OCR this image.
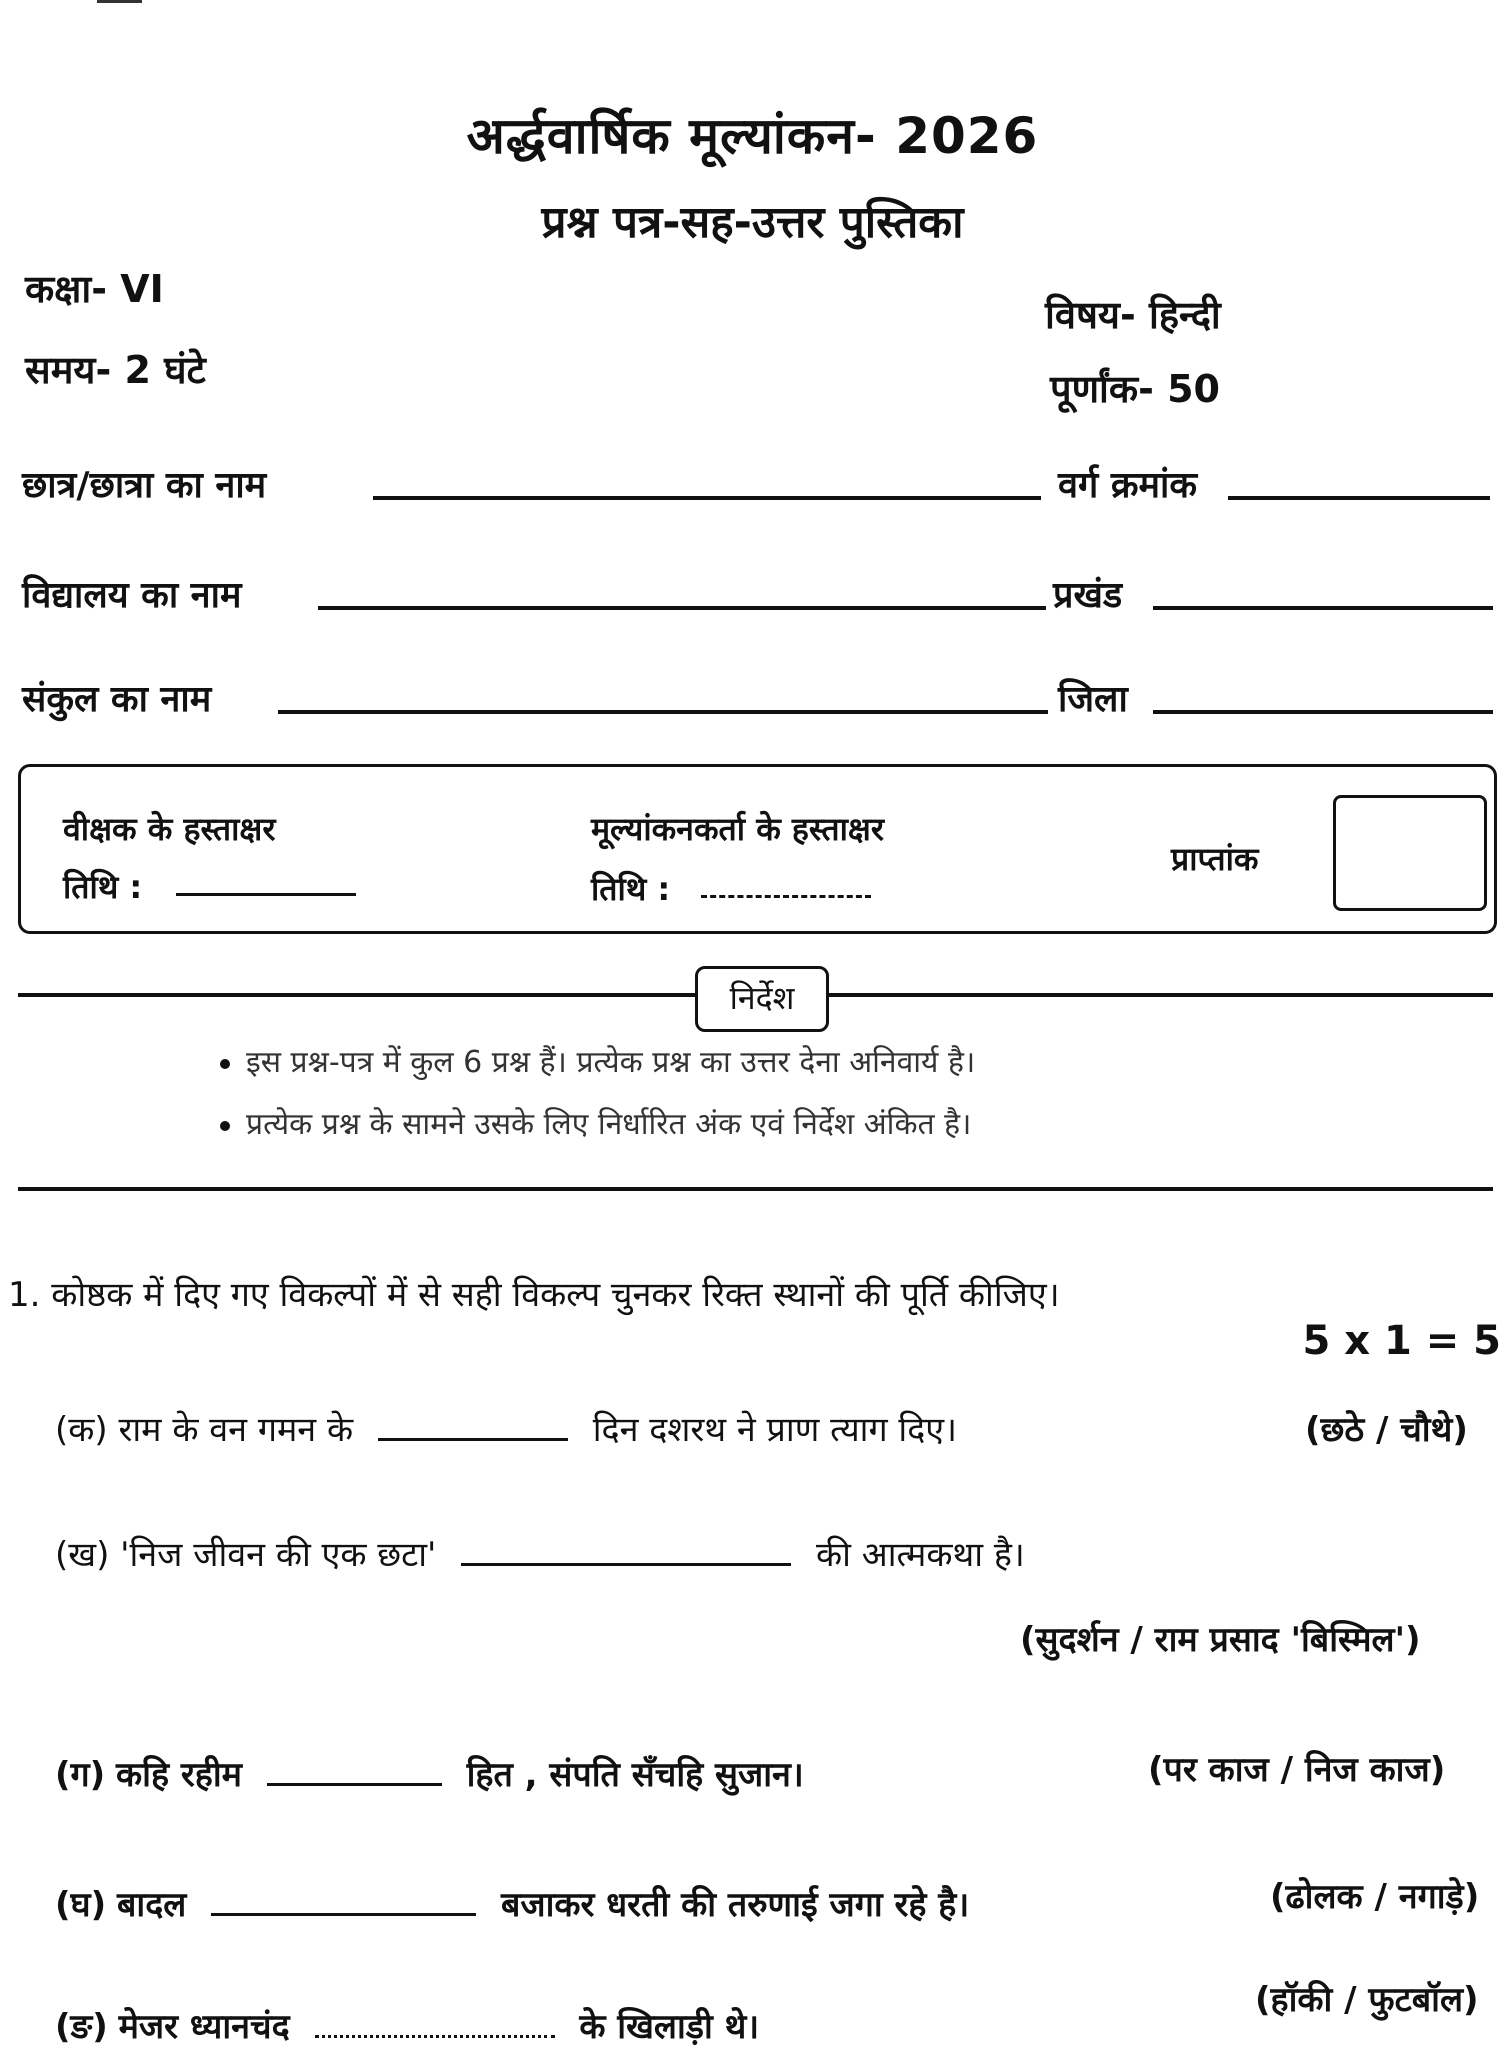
अर्द्धवार्षिक मूल्यांकन- 2026
प्रश्न पत्र-सह-उत्तर पुस्तिका
कक्षा- VI
समय- 2 घंटे
विषय- हिन्दी
पूर्णांक- 50
छात्र/छात्रा का नाम	वर्ग क्रमांक
विद्यालय का नाम	प्रखंड
संकुल का नाम	जिला
वीक्षक के हस्ताक्षर
तिथि :
मूल्यांकनकर्ता के हस्ताक्षर
तिथि :
प्राप्तांक
निर्देश
इस प्रश्न-पत्र में कुल 6 प्रश्न हैं। प्रत्येक प्रश्न का उत्तर देना अनिवार्य है।
प्रत्येक प्रश्न के सामने उसके लिए निर्धारित अंक एवं निर्देश अंकित है।
1. कोष्ठक में दिए गए विकल्पों में से सही विकल्प चुनकर रिक्त स्थानों की पूर्ति कीजिए।
5 x 1 = 5
(क) राम के वन गमन के	दिन दशरथ ने प्राण त्याग दिए।	(छठे / चौथे)
(ख) 'निज जीवन की एक छटा'	की आत्मकथा है।
(सुदर्शन / राम प्रसाद 'बिस्मिल')
(ग) कहि रहीम	हित , संपति सँचहि सुजान।	(पर काज / निज काज)
(घ) बादल	बजाकर धरती की तरुणाई जगा रहे है।	(ढोलक / नगाड़े)
(ङ) मेजर ध्यानचंद	के खिलाड़ी थे।
(हॉकी / फुटबॉल)
